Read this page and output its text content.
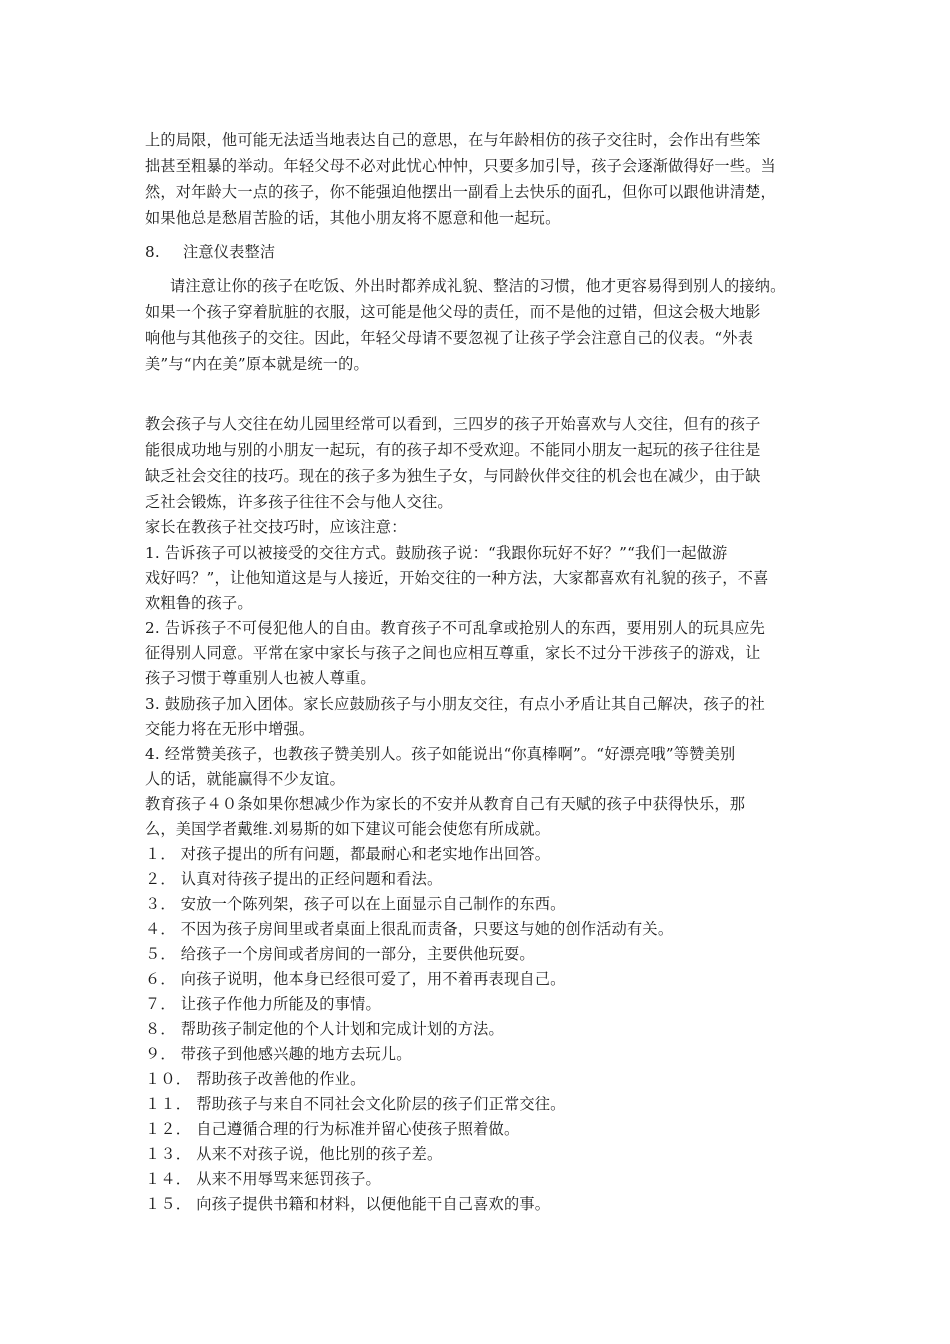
上的局限，他可能无法适当地表达自己的意思，在与年龄相仿的孩子交往时，会作出有些笨
拙甚至粗暴的举动。年轻父母不必对此忧心忡忡，只要多加引导，孩子会逐渐做得好一些。当
然，对年龄大一点的孩子，你不能强迫他摆出一副看上去快乐的面孔，但你可以跟他讲清楚，
如果他总是愁眉苦脸的话，其他小朋友将不愿意和他一起玩。
8.	注意仪表整洁
请注意让你的孩子在吃饭、外出时都养成礼貌、整洁的习惯，他才更容易得到别人的接纳。
如果一个孩子穿着肮脏的衣服，这可能是他父母的责任，而不是他的过错，但这会极大地影
响他与其他孩子的交往。因此，年轻父母请不要忽视了让孩子学会注意自己的仪表。“外表
美”与“内在美”原本就是统一的。
教会孩子与人交往在幼儿园里经常可以看到，三四岁的孩子开始喜欢与人交往，但有的孩子
能很成功地与别的小朋友一起玩，有的孩子却不受欢迎。不能同小朋友一起玩的孩子往往是
缺乏社会交往的技巧。现在的孩子多为独生子女，与同龄伙伴交往的机会也在减少，由于缺
乏社会锻炼，许多孩子往往不会与他人交往。
家长在教孩子社交技巧时，应该注意：
1. 告诉孩子可以被接受的交往方式。鼓励孩子说：“我跟你玩好不好？”“我们一起做游
戏好吗？”，让他知道这是与人接近，开始交往的一种方法，大家都喜欢有礼貌的孩子，不喜
欢粗鲁的孩子。
2. 告诉孩子不可侵犯他人的自由。教育孩子不可乱拿或抢别人的东西，要用别人的玩具应先
征得别人同意。平常在家中家长与孩子之间也应相互尊重，家长不过分干涉孩子的游戏，让
孩子习惯于尊重别人也被人尊重。
3. 鼓励孩子加入团体。家长应鼓励孩子与小朋友交往，有点小矛盾让其自己解决，孩子的社
交能力将在无形中增强。
4. 经常赞美孩子，也教孩子赞美别人。孩子如能说出“你真棒啊”。“好漂亮哦”等赞美别
人的话，就能赢得不少友谊。
教育孩子４０条如果你想减少作为家长的不安并从教育自己有天赋的孩子中获得快乐，那
么，美国学者戴维.刘易斯的如下建议可能会使您有所成就。
１． 对孩子提出的所有问题，都最耐心和老实地作出回答。
２． 认真对待孩子提出的正经问题和看法。
３． 安放一个陈列架，孩子可以在上面显示自己制作的东西。
４． 不因为孩子房间里或者桌面上很乱而责备，只要这与她的创作活动有关。
５． 给孩子一个房间或者房间的一部分，主要供他玩耍。
６． 向孩子说明，他本身已经很可爱了，用不着再表现自己。
７． 让孩子作他力所能及的事情。
８． 帮助孩子制定他的个人计划和完成计划的方法。
９． 带孩子到他感兴趣的地方去玩儿。
１０． 帮助孩子改善他的作业。
１１． 帮助孩子与来自不同社会文化阶层的孩子们正常交往。
１２． 自己遵循合理的行为标准并留心使孩子照着做。
１３． 从来不对孩子说，他比别的孩子差。
１４． 从来不用辱骂来惩罚孩子。
１５． 向孩子提供书籍和材料，以便他能干自己喜欢的事。
